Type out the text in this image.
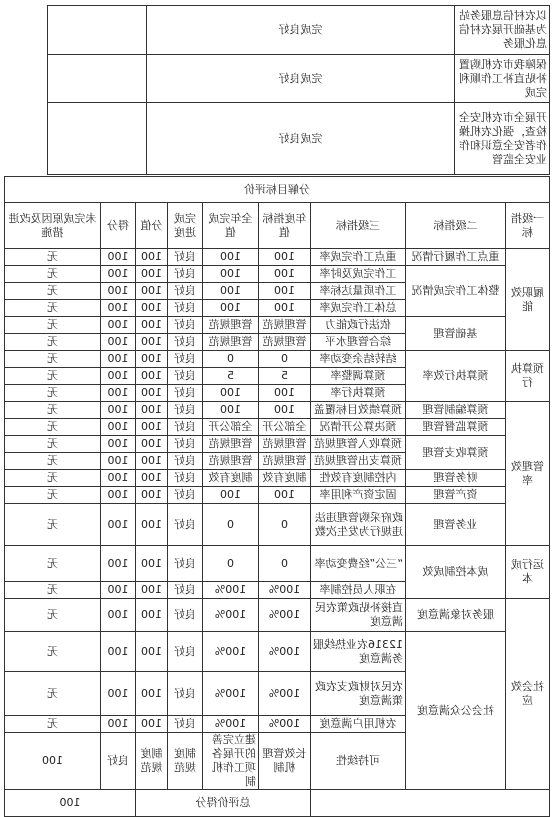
以农村信息服务站为基础开展农村信息化服务	完成良好	
保障我市农机购置补贴直补工作顺利完成	完成良好	
开展全市农机安全检查，强化农机操作者安全意识和作业安全监管	完成良好	
分解目标评价									
一级指标	二级指标	三级指标	年度指标值	全年完成值	完成进度	分值	得分	未完成原因及改进措施	
履职效能	重点工作履行情况	重点工作完成率	100	100	良好	100	100	无	
	整体工作完成情况	工作完成及时率	100	100	良好	100	100	无	
		工作质量达标率	100	100	良好	100	100	无	
		总体工作完成率	100	100	良好	100	100	无	
	基础管理	依法行政能力	管理规范	管理规范	良好	100	100	无	
		综合管理水平	管理规范	管理规范	良好	100	100	无	
预算执行	预算执行效率	结转结余变动率	0	0	良好	100	100	无	
		预算调整率	5	5	良好	100	100	无	
		预算执行率	100	100	良好	100	100	无	
管理效率	预算编制管理	预算绩效目标覆盖	100	100	良好	100	100	无	
	预算监督管理	预决算公开情况	全部公开	全部公开	良好	100	100	无	
	预算收支管理	预算收入管理规范	管理规范	管理规范	良好	100	100	无	
		预算支出管理规范	管理规范	管理规范	良好	100	100	无	
	财务管理	内控制度有效性	制度有效	制度有效	良好	100	100	无	
	资产管理	固定资产利用率	100	100	良好	100	100	无	
	业务管理	政府采购管理违法违规行为发生次数	0	0	良好	100	100	无	
运行成本	成本控制成效	“三公”经费变动率	0	0	良好	100	100	无	
		在职人员控制率	100%	100%	良好	100	100	无	
社会效应	服务对象满意度	直接补贴政策农民满意度	100%	100%	良好	100	100	无	
	社会公众满意度	12316农业热线服务满意度	100%	100%	良好	100	100	无	
		农民对财政支农政策满意度	100%	100%	良好	100	100	无	
		农机用户满意度	100%	100%	良好	100	100	无	
		可持续性	长效管理机制	建立完善的开展各项工作机制	制度规范	制度规范	良好	100		
			总评价得分				100		
